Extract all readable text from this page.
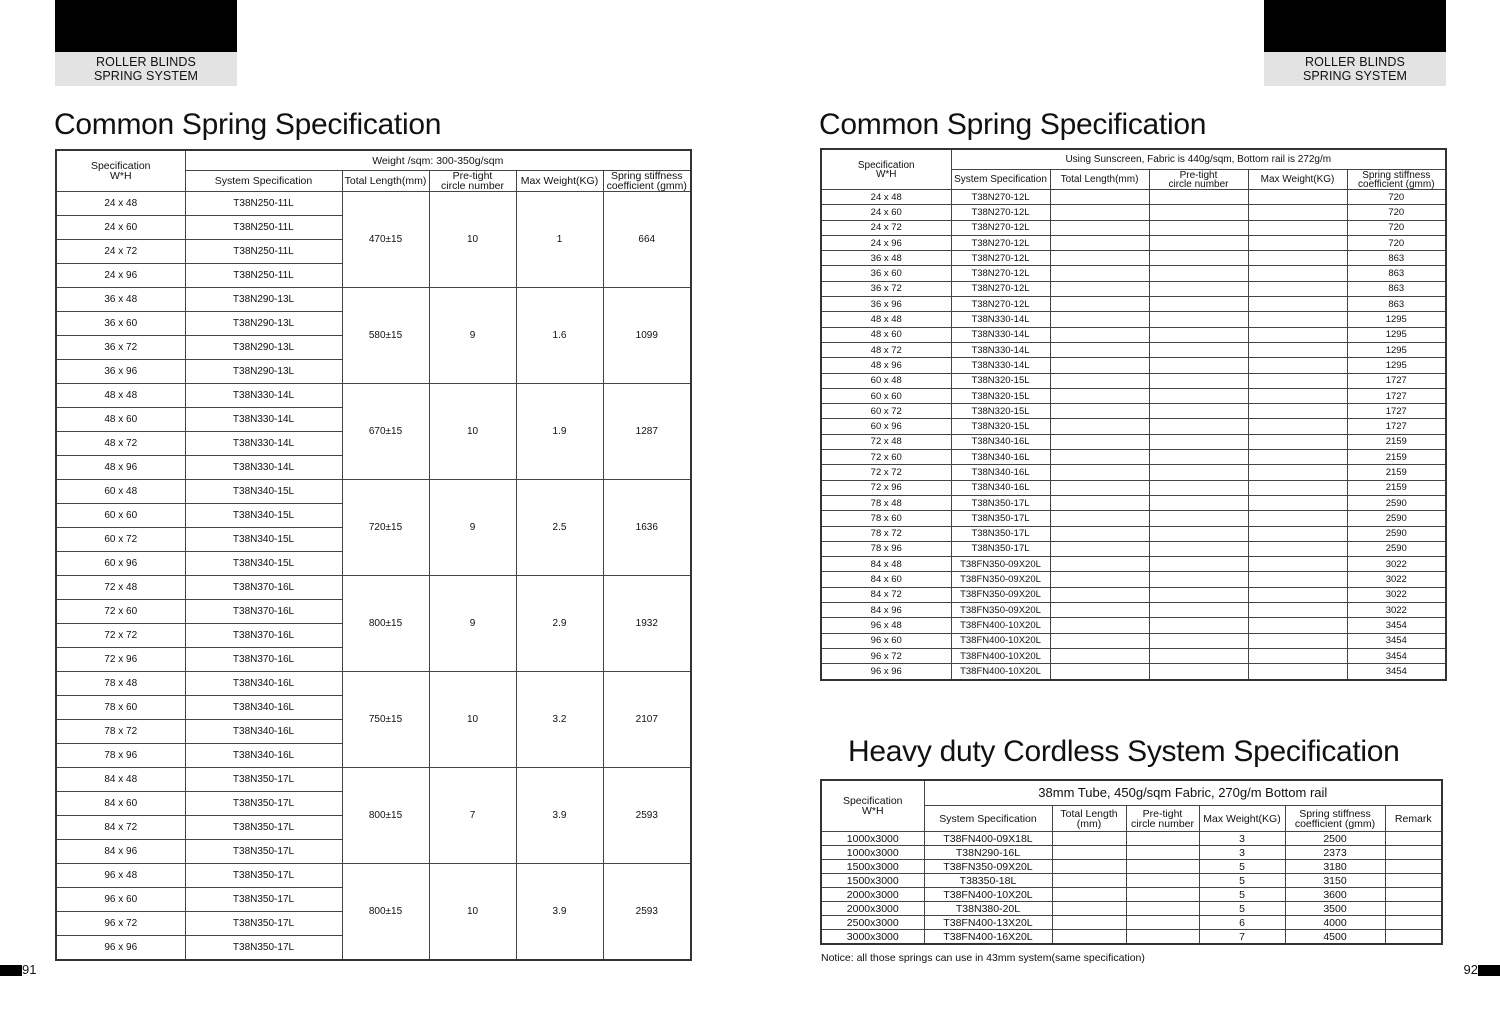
ROLLER BLINDS
SPRING SYSTEM
ROLLER BLINDS
SPRING SYSTEM
Common Spring Specification	Common Spring Specification
Heavy duty Cordless System Specification
Specification
W*H	Weight /sqm: 300-350g/sqm				
	System Specification	Total Length(mm)	Pre-tight
circle number	Max Weight(KG)	Spring stiffness
coefficient (gmm)
24 x 48	T38N250-11L	470±15	10	1	664
24 x 60	T38N250-11L				
24 x 72	T38N250-11L				
24 x 96	T38N250-11L				
36 x 48	T38N290-13L	580±15	9	1.6	1099
36 x 60	T38N290-13L				
36 x 72	T38N290-13L				
36 x 96	T38N290-13L				
48 x 48	T38N330-14L	670±15	10	1.9	1287
48 x 60	T38N330-14L				
48 x 72	T38N330-14L				
48 x 96	T38N330-14L				
60 x 48	T38N340-15L	720±15	9	2.5	1636
60 x 60	T38N340-15L				
60 x 72	T38N340-15L				
60 x 96	T38N340-15L				
72 x 48	T38N370-16L	800±15	9	2.9	1932
72 x 60	T38N370-16L				
72 x 72	T38N370-16L				
72 x 96	T38N370-16L				
78 x 48	T38N340-16L	750±15	10	3.2	2107
78 x 60	T38N340-16L				
78 x 72	T38N340-16L				
78 x 96	T38N340-16L				
84 x 48	T38N350-17L	800±15	7	3.9	2593
84 x 60	T38N350-17L				
84 x 72	T38N350-17L				
84 x 96	T38N350-17L				
96 x 48	T38N350-17L	800±15	10	3.9	2593
96 x 60	T38N350-17L				
96 x 72	T38N350-17L				
96 x 96	T38N350-17L				
Specification
W*H	Using Sunscreen, Fabric is 440g/sqm, Bottom rail is 272g/m				
	System Specification	Total Length(mm)	Pre-tight
circle number	Max Weight(KG)	Spring stiffness
coefficient (gmm)
24 x 48	T38N270-12L				720
24 x 60	T38N270-12L				720
24 x 72	T38N270-12L				720
24 x 96	T38N270-12L				720
36 x 48	T38N270-12L				863
36 x 60	T38N270-12L				863
36 x 72	T38N270-12L				863
36 x 96	T38N270-12L				863
48 x 48	T38N330-14L				1295
48 x 60	T38N330-14L				1295
48 x 72	T38N330-14L				1295
48 x 96	T38N330-14L				1295
60 x 48	T38N320-15L				1727
60 x 60	T38N320-15L				1727
60 x 72	T38N320-15L				1727
60 x 96	T38N320-15L				1727
72 x 48	T38N340-16L				2159
72 x 60	T38N340-16L				2159
72 x 72	T38N340-16L				2159
72 x 96	T38N340-16L				2159
78 x 48	T38N350-17L				2590
78 x 60	T38N350-17L				2590
78 x 72	T38N350-17L				2590
78 x 96	T38N350-17L				2590
84 x 48	T38FN350-09X20L				3022
84 x 60	T38FN350-09X20L				3022
84 x 72	T38FN350-09X20L				3022
84 x 96	T38FN350-09X20L				3022
96 x 48	T38FN400-10X20L				3454
96 x 60	T38FN400-10X20L				3454
96 x 72	T38FN400-10X20L				3454
96 x 96	T38FN400-10X20L				3454
Specification
W*H	38mm Tube, 450g/sqm Fabric, 270g/m Bottom rail					
	System Specification	Total Length
(mm)	Pre-tight
circle number	Max Weight(KG)	Spring stiffness
coefficient (gmm)	Remark
1000x3000	T38FN400-09X18L			3	2500	
1000x3000	T38N290-16L			3	2373	
1500x3000	T38FN350-09X20L			5	3180	
1500x3000	T38350-18L			5	3150	
2000x3000	T38FN400-10X20L			5	3600	
2000x3000	T38N380-20L			5	3500	
2500x3000	T38FN400-13X20L			6	4000	
3000x3000	T38FN400-16X20L			7	4500	
Notice: all those springs can use in 43mm system(same specification)
91	92
